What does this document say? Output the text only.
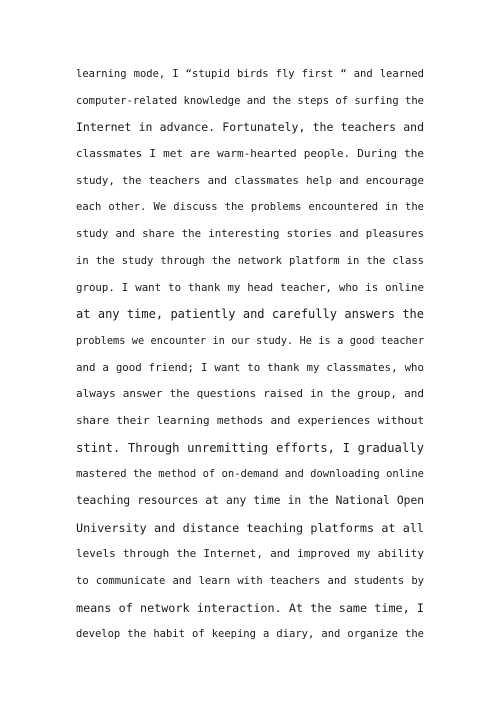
learning mode, I “stupid birds fly first “ and learned
computer-related knowledge and the steps of surfing the
Internet in advance. Fortunately, the teachers and
classmates I met are warm-hearted people. During the
study, the teachers and classmates help and encourage
each other. We discuss the problems encountered in the
study and share the interesting stories and pleasures
in the study through the network platform in the class
group. I want to thank my head teacher, who is online
at any time, patiently and carefully answers the
problems we encounter in our study. He is a good teacher
and a good friend; I want to thank my classmates, who
always answer the questions raised in the group, and
share their learning methods and experiences without
stint. Through unremitting efforts, I gradually
mastered the method of on-demand and downloading online
teaching resources at any time in the National Open
University and distance teaching platforms at all
levels through the Internet, and improved my ability
to communicate and learn with teachers and students by
means of network interaction. At the same time, I
develop the habit of keeping a diary, and organize the
